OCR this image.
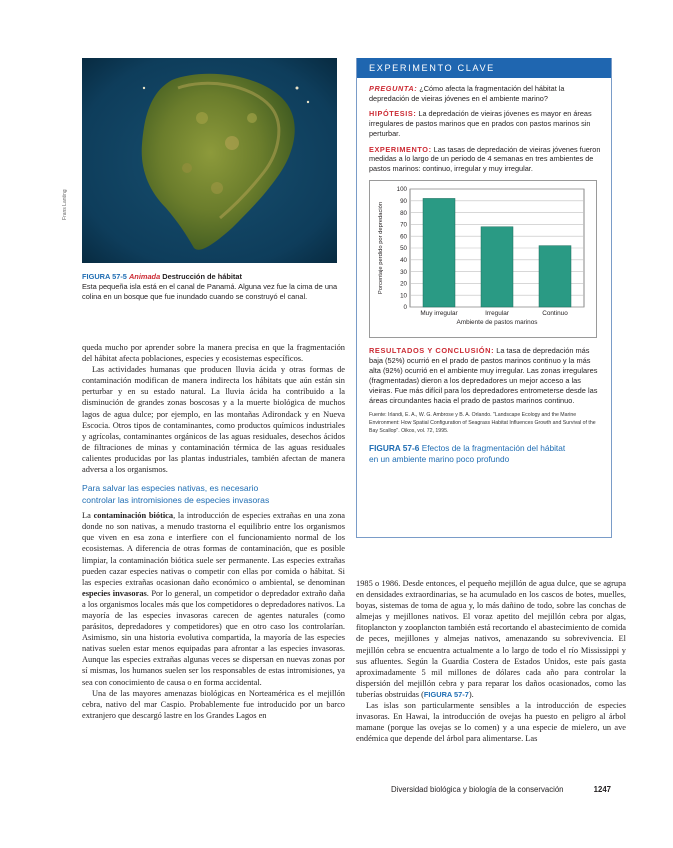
Frans Lanting
FIGURA 57-5 Animada Destrucción de hábitat
Esta pequeña isla está en el canal de Panamá. Alguna vez fue la cima de una colina en un bosque que fue inundado cuando se construyó el canal.

queda mucho por aprender sobre la manera precisa en que la fragmentación del hábitat afecta poblaciones, especies y ecosistemas específicos.

Las actividades humanas que producen lluvia ácida y otras formas de contaminación modifican de manera indirecta los hábitats que aún están sin perturbar y en su estado natural. La lluvia ácida ha contribuido a la disminución de grandes zonas boscosas y a la muerte biológica de muchos lagos de agua dulce; por ejemplo, en las montañas Adirondack y en Nueva Escocia. Otros tipos de contaminantes, como productos químicos industriales y agrícolas, contaminantes orgánicos de las aguas residuales, desechos ácidos de filtraciones de minas y contaminación térmica de las aguas residuales calientes producidas por las plantas industriales, también afectan de manera adversa a los organismos.

Para salvar las especies nativas, es necesario
controlar las intromisiones de especies invasoras

La contaminación biótica, la introducción de especies extrañas en una zona donde no son nativas, a menudo trastorna el equilibrio entre los organismos que viven en esa zona e interfiere con el funcionamiento normal de los ecosistemas. A diferencia de otras formas de contaminación, que es posible limpiar, la contaminación biótica suele ser permanente. Las especies extrañas pueden cazar especies nativas o competir con ellas por comida o hábitat. Si las especies extrañas ocasionan daño económico o ambiental, se denominan especies invasoras. Por lo general, un competidor o depredador extraño daña a los organismos locales más que los competidores o depredadores nativos. La mayoría de las especies invasoras carecen de agentes naturales (como parásitos, depredadores y competidores) que en otro caso los controlarían. Asimismo, sin una historia evolutiva compartida, la mayoría de las especies nativas suelen estar menos equipadas para afrontar a las especies invasoras. Aunque las especies extrañas algunas veces se dispersan en nuevas zonas por sí mismas, los humanos suelen ser los responsables de estas intromisiones, ya sea con conocimiento de causa o en forma accidental.

Una de las mayores amenazas biológicas en Norteamérica es el mejillón cebra, nativo del mar Caspio. Probablemente fue introducido por un barco extranjero que descargó lastre en los Grandes Lagos en

EXPERIMENTO CLAVE

PREGUNTA: ¿Cómo afecta la fragmentación del hábitat la depredación de vieiras jóvenes en el ambiente marino?

HIPÓTESIS: La depredación de vieiras jóvenes es mayor en áreas irregulares de pastos marinos que en prados con pastos marinos sin perturbar.

EXPERIMENTO: Las tasas de depredación de vieiras jóvenes fueron medidas a lo largo de un periodo de 4 semanas en tres ambientes de pastos marinos: continuo, irregular y muy irregular.

0
10
20
30
40
50
60
70
80
90
100
Muy irregular	Irregular	Continuo
Ambiente de pastos marinos
Porcentaje perdido por depredación

RESULTADOS Y CONCLUSIÓN: La tasa de depredación más baja (52%) ocurrió en el prado de pastos marinos continuo y la más alta (92%) ocurrió en el ambiente muy irregular. Las zonas irregulares (fragmentadas) dieron a los depredadores un mejor acceso a las vieiras. Fue más difícil para los depredadores entrometerse desde las áreas circundantes hacia el prado de pastos marinos continuo.

Fuente: Irlandi, E. A., W. G. Ambrose y B. A. Orlando. "Landscape Ecology and the Marine Environment: How Spatial Configuration of Seagrass Habitat Influences Growth and Survival of the Bay Scallop". Oikos, vol. 72, 1995.

FIGURA 57-6 Efectos de la fragmentación del hábitat
en un ambiente marino poco profundo

1985 o 1986. Desde entonces, el pequeño mejillón de agua dulce, que se agrupa en densidades extraordinarias, se ha acumulado en los cascos de botes, muelles, boyas, sistemas de toma de agua y, lo más dañino de todo, sobre las conchas de almejas y mejillones nativos. El voraz apetito del mejillón cebra por algas, fitoplancton y zooplancton también está recortando el abastecimiento de comida de peces, mejillones y almejas nativos, amenazando su sobrevivencia. El mejillón cebra se encuentra actualmente a lo largo de todo el río Mississippi y sus afluentes. Según la Guardia Costera de Estados Unidos, este país gasta aproximadamente 5 mil millones de dólares cada año para controlar la dispersión del mejillón cebra y para reparar los daños ocasionados, como las tuberías obstruidas (FIGURA 57-7).

Las islas son particularmente sensibles a la introducción de especies invasoras. En Hawai, la introducción de ovejas ha puesto en peligro al árbol mamane (porque las ovejas se lo comen) y a una especie de mielero, un ave endémica que depende del árbol para alimentarse. Las

Diversidad biológica y biología de la conservación	1247
